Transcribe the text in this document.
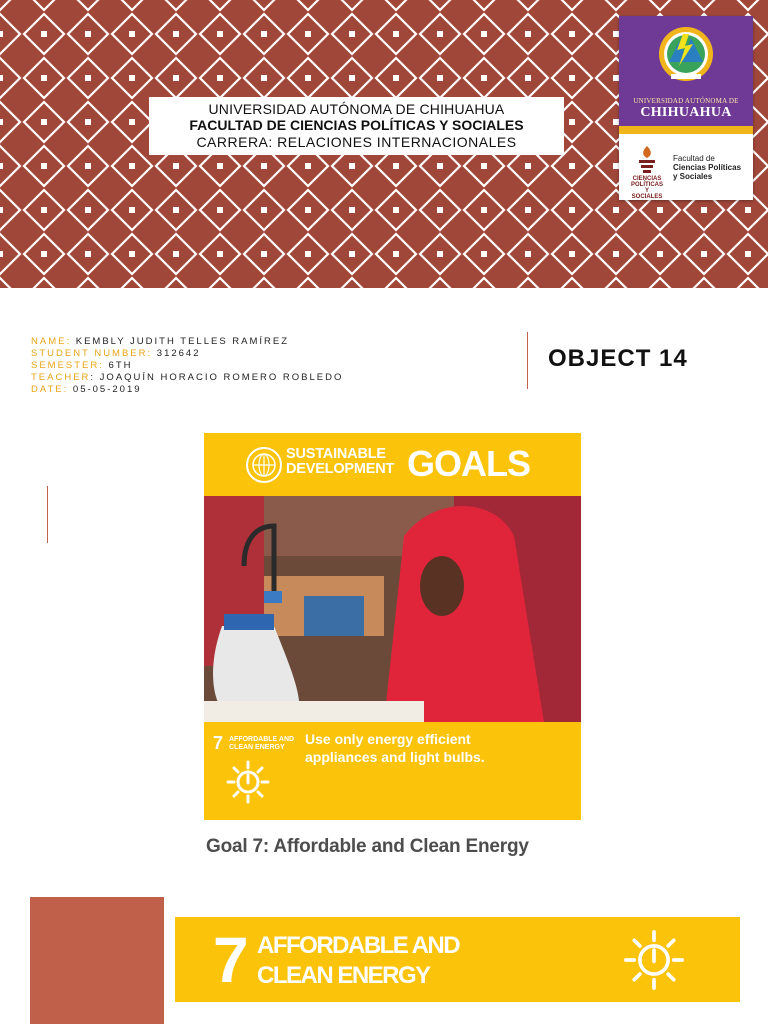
UNIVERSIDAD AUTÓNOMA DE CHIHUAHUA
FACULTAD DE CIENCIAS POLÍTICAS Y SOCIALES
CARRERA: RELACIONES INTERNACIONALES
UNIVERSIDAD AUTÓNOMA DE
CHIHUAHUA
CIENCIAS POLÍTICAS Y SOCIALES
Facultad de
Ciencias Políticas
y Sociales
NAME: KEMBLY JUDITH TELLES RAMÍREZ
STUDENT NUMBER: 312642
SEMESTER: 6TH
TEACHER: JOAQUÍN HORACIO ROMERO ROBLEDO
DATE: 05-05-2019
OBJECT 14
SUSTAINABLE
DEVELOPMENT GOALS
7 AFFORDABLE AND
CLEAN ENERGY
Use only energy efficient
appliances and light bulbs.
Goal 7: Affordable and Clean Energy
7 AFFORDABLE AND
CLEAN ENERGY
